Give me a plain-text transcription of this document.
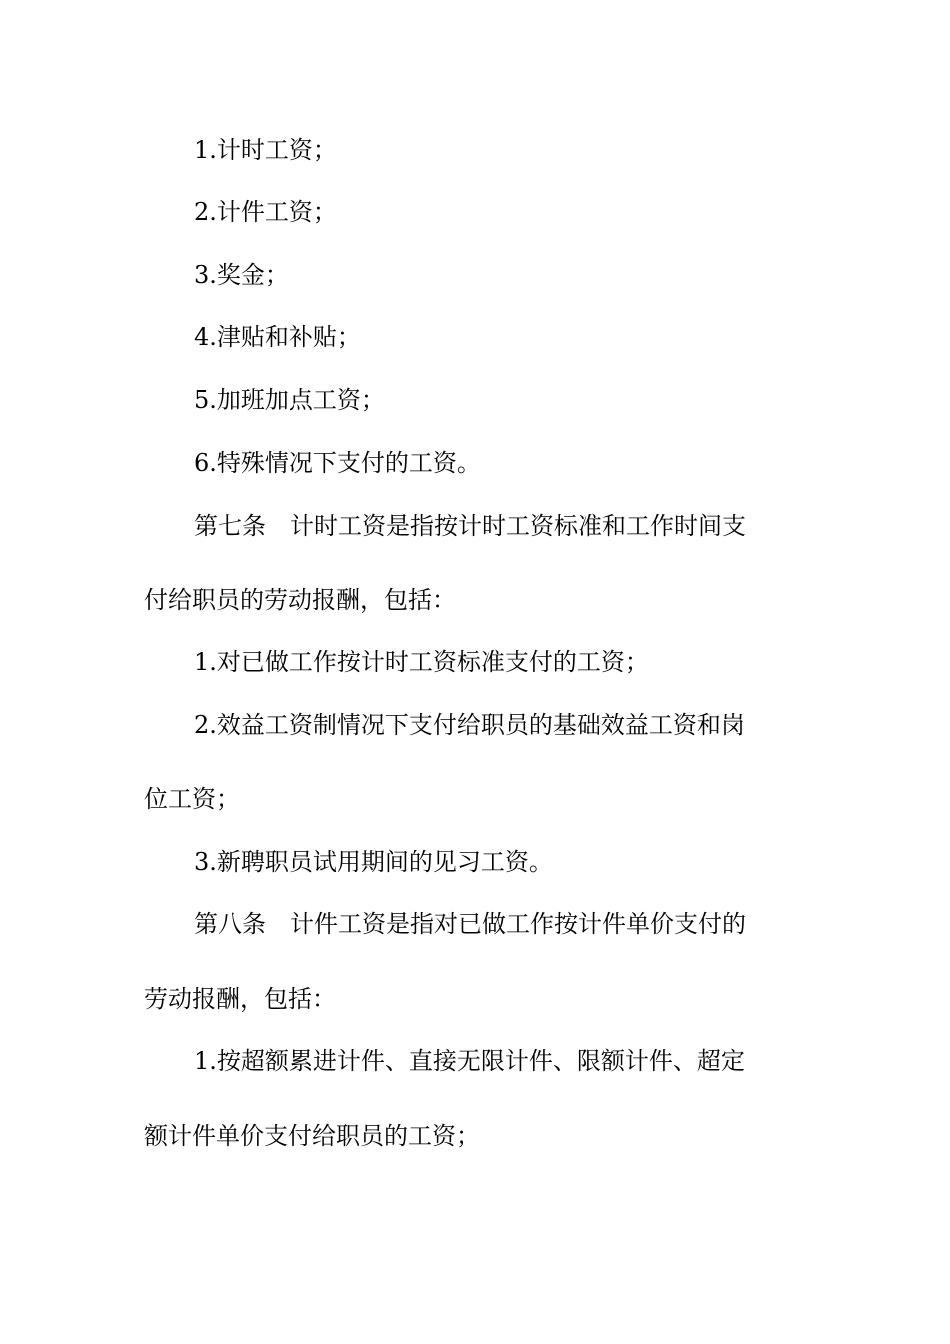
1.计时工资；
2.计件工资；
3.奖金；
4.津贴和补贴；
5.加班加点工资；
6.特殊情况下支付的工资。
第七条　计时工资是指按计时工资标准和工作时间支
付给职员的劳动报酬，包括：
1.对已做工作按计时工资标准支付的工资；
2.效益工资制情况下支付给职员的基础效益工资和岗
位工资；
3.新聘职员试用期间的见习工资。
第八条　计件工资是指对已做工作按计件单价支付的
劳动报酬，包括：
1.按超额累进计件、直接无限计件、限额计件、超定
额计件单价支付给职员的工资；
